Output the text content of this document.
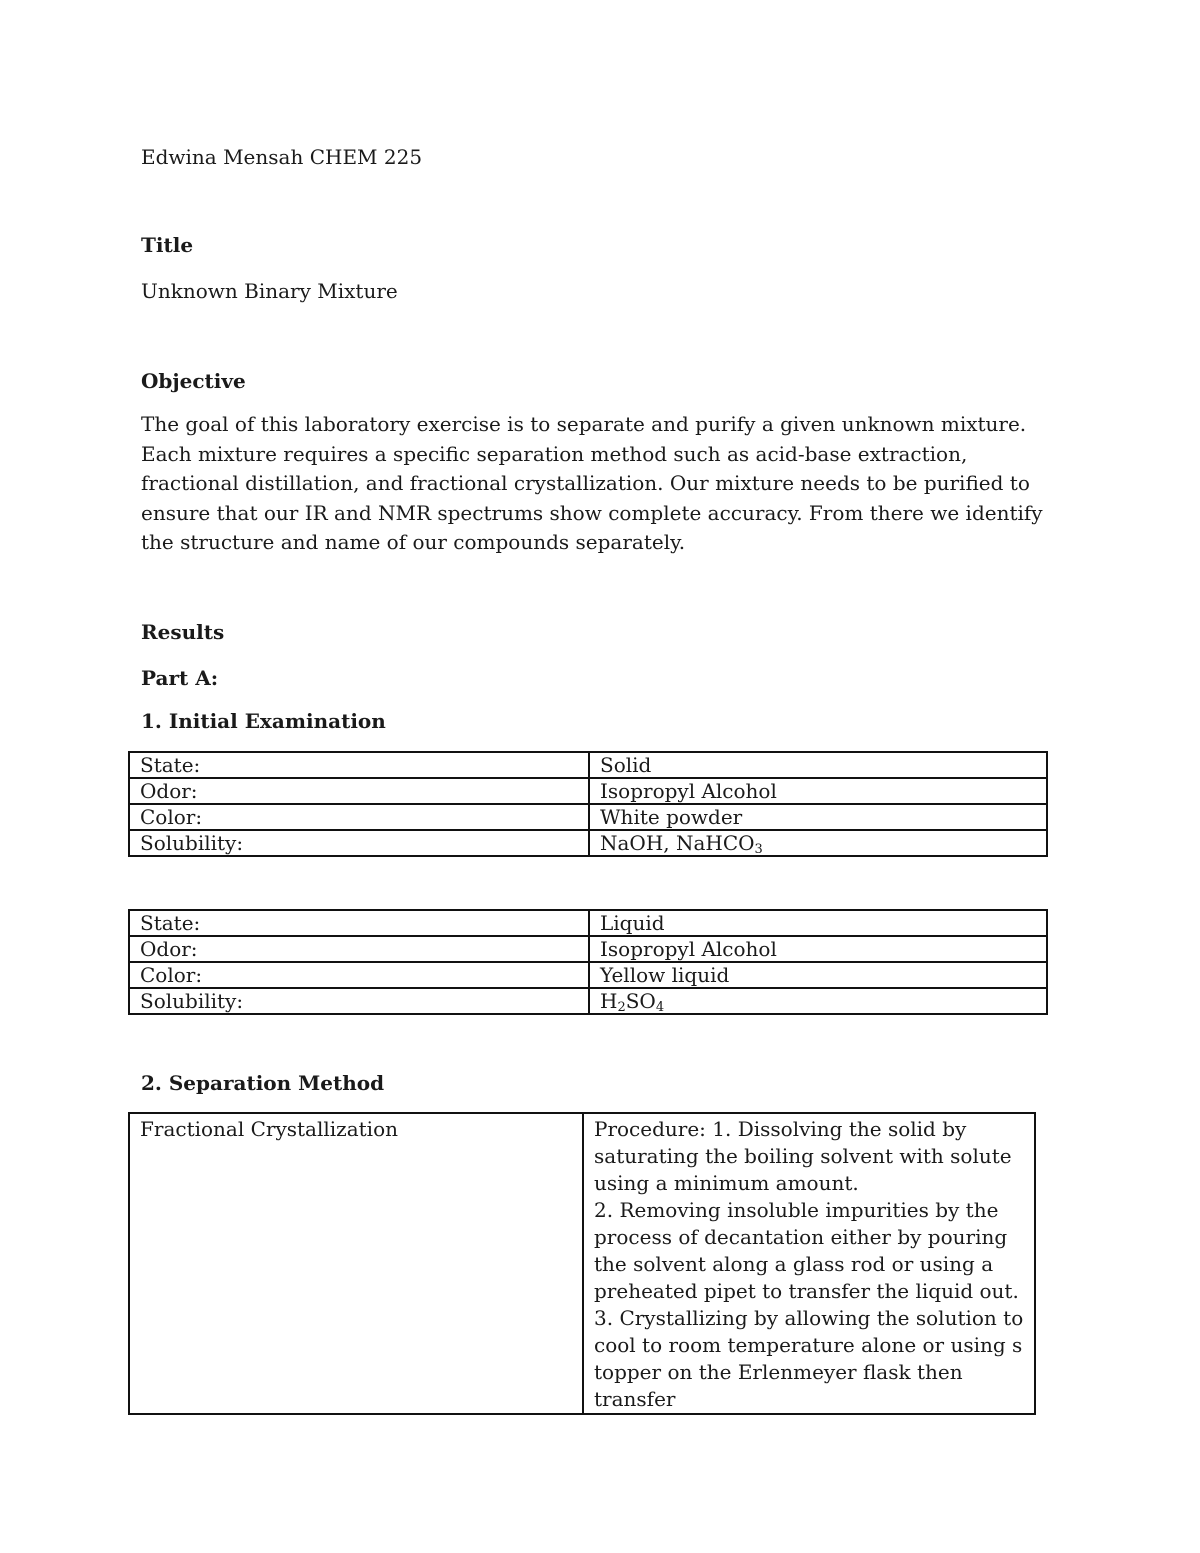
Edwina Mensah CHEM 225
Title
Unknown Binary Mixture
Objective
The goal of this laboratory exercise is to separate and purify a given unknown mixture. Each mixture requires a specific separation method such as acid-base extraction, fractional distillation, and fractional crystallization. Our mixture needs to be purified to ensure that our IR and NMR spectrums show complete accuracy. From there we identify the structure and name of our compounds separately.
Results
Part A:
1. Initial Examination
State:	Solid
Odor:	Isopropyl Alcohol
Color:	White powder
Solubility:	NaOH, NaHCO$_3$
State:	Liquid
Odor:	Isopropyl Alcohol
Color:	Yellow liquid
Solubility:	$H_2SO_4$
2. Separation Method
Fractional Crystallization	Procedure: 1. Dissolving the solid by saturating the boiling solvent with solute using a minimum amount.
2. Removing insoluble impurities by the process of decantation either by pouring the solvent along a glass rod or using a preheated pipet to transfer the liquid out.
3. Crystallizing by allowing the solution to cool to room temperature alone or using s topper on the Erlenmeyer flask then transfer
